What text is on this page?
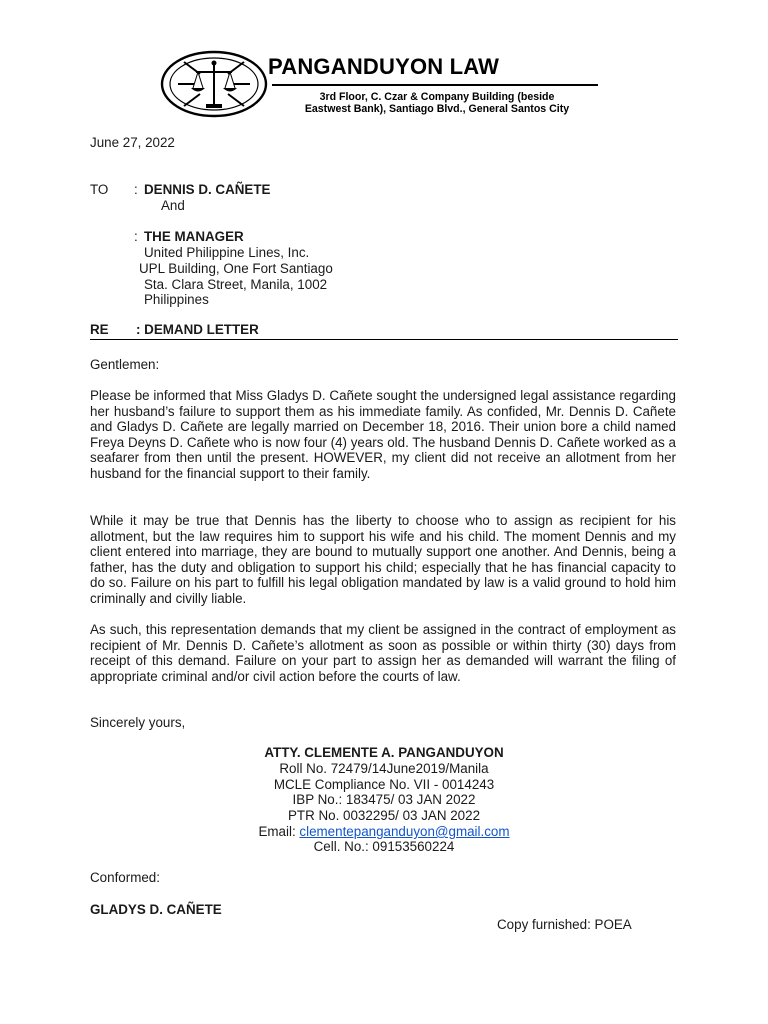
PANGANDUYON LAW
3rd Floor, C. Czar & Company Building (beside
Eastwest Bank), Santiago Blvd., General Santos City
June 27, 2022
TO : DENNIS D. CAÑETE
And
: THE MANAGER
United Philippine Lines, Inc.
UPL Building, One Fort Santiago
Sta. Clara Street, Manila, 1002
Philippines
RE : DEMAND LETTER
Gentlemen:
Please be informed that Miss Gladys D. Cañete sought the undersigned legal assistance regarding her husband’s failure to support them as his immediate family. As confided, Mr. Dennis D. Cañete and Gladys D. Cañete are legally married on December 18, 2016. Their union bore a child named Freya Deyns D. Cañete who is now four (4) years old. The husband Dennis D. Cañete worked as a seafarer from then until the present. HOWEVER, my client did not receive an allotment from her husband for the financial support to their family.
While it may be true that Dennis has the liberty to choose who to assign as recipient for his allotment, but the law requires him to support his wife and his child. The moment Dennis and my client entered into marriage, they are bound to mutually support one another. And Dennis, being a father, has the duty and obligation to support his child; especially that he has financial capacity to do so. Failure on his part to fulfill his legal obligation mandated by law is a valid ground to hold him criminally and civilly liable.
As such, this representation demands that my client be assigned in the contract of employment as recipient of Mr. Dennis D. Cañete’s allotment as soon as possible or within thirty (30) days from receipt of this demand. Failure on your part to assign her as demanded will warrant the filing of appropriate criminal and/or civil action before the courts of law.
Sincerely yours,
ATTY. CLEMENTE A. PANGANDUYON
Roll No. 72479/14June2019/Manila
MCLE Compliance No. VII - 0014243
IBP No.: 183475/ 03 JAN 2022
PTR No. 0032295/ 03 JAN 2022
Email: clementepanganduyon@gmail.com
Cell. No.: 09153560224
Conformed:
GLADYS D. CAÑETE
Copy furnished: POEA
